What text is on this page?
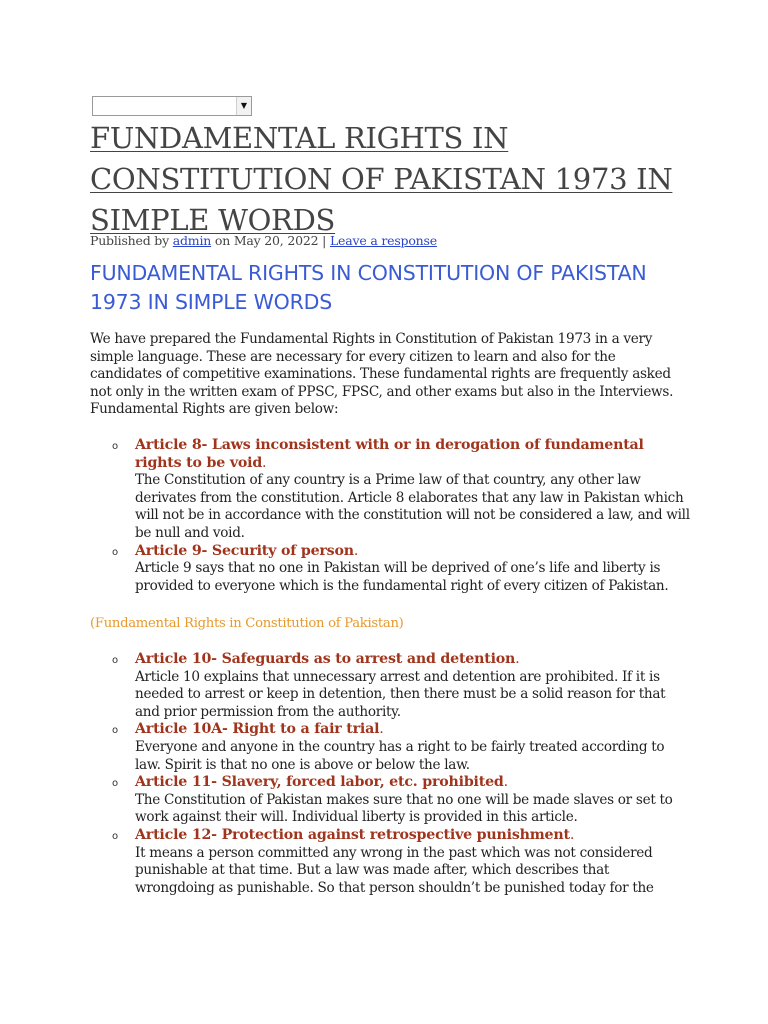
▼
FUNDAMENTAL RIGHTS IN CONSTITUTION OF PAKISTAN 1973 IN SIMPLE WORDS
Published by admin on May 20, 2022 | Leave a response
FUNDAMENTAL RIGHTS IN CONSTITUTION OF PAKISTAN 1973 IN SIMPLE WORDS

We have prepared the Fundamental Rights in Constitution of Pakistan 1973 in a very simple language. These are necessary for every citizen to learn and also for the candidates of competitive examinations. These fundamental rights are frequently asked not only in the written exam of PPSC, FPSC, and other exams but also in the Interviews. Fundamental Rights are given below:

o Article 8- Laws inconsistent with or in derogation of fundamental rights to be void.
The Constitution of any country is a Prime law of that country, any other law derivates from the constitution. Article 8 elaborates that any law in Pakistan which will not be in accordance with the constitution will not be considered a law, and will be null and void.
o Article 9- Security of person.
Article 9 says that no one in Pakistan will be deprived of one’s life and liberty is provided to everyone which is the fundamental right of every citizen of Pakistan.
(Fundamental Rights in Constitution of Pakistan)
o Article 10- Safeguards as to arrest and detention.
Article 10 explains that unnecessary arrest and detention are prohibited. If it is needed to arrest or keep in detention, then there must be a solid reason for that and prior permission from the authority.
o Article 10A- Right to a fair trial.
Everyone and anyone in the country has a right to be fairly treated according to law. Spirit is that no one is above or below the law.
o Article 11- Slavery, forced labor, etc. prohibited.
The Constitution of Pakistan makes sure that no one will be made slaves or set to work against their will. Individual liberty is provided in this article.
o Article 12- Protection against retrospective punishment.
It means a person committed any wrong in the past which was not considered punishable at that time. But a law was made after, which describes that wrongdoing as punishable. So that person shouldn’t be punished today for the
